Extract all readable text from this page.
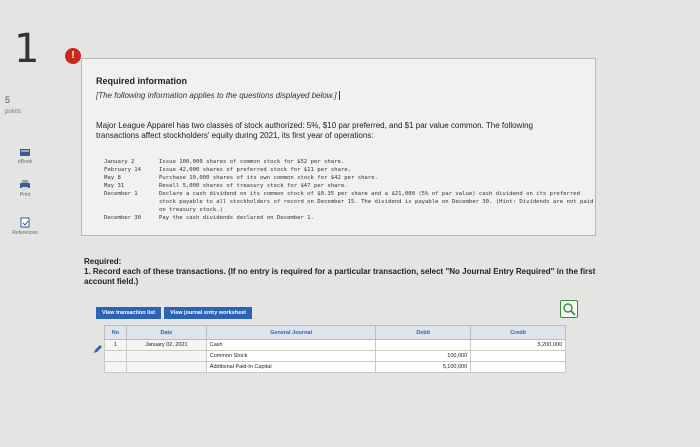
1
5
points
eBook
Print
References
!
Required information
[The following information applies to the questions displayed below.]
Major League Apparel has two classes of stock authorized: 5%, $10 par preferred, and $1 par value common. The following transactions affect stockholders' equity during 2021, its first year of operations:
January 2	Issue 100,000 shares of common stock for $52 per share.
February 14	Issue 42,000 shares of preferred stock for $11 per share.
May 8	Purchase 10,000 shares of its own common stock for $42 per share.
May 31	Resell 5,000 shares of treasury stock for $47 per share.
December 1	Declare a cash dividend on its common stock of $0.35 per share and a $21,000 (5% of par value) cash dividend on its preferred stock payable to all stockholders of record on December 15. The dividend is payable on December 30. (Hint: Dividends are not paid on treasury stock.)
December 30	Pay the cash dividends declared on December 1.
Required:
1. Record each of these transactions. (If no entry is required for a particular transaction, select "No Journal Entry Required" in the first account field.)
View transaction list	View journal entry worksheet
No	Date	General Journal	Debit	Credit
1	January 02, 2021	Cash		5,200,000
		Common Stock	100,000	
		Additional Paid-In Capital	5,100,000	
